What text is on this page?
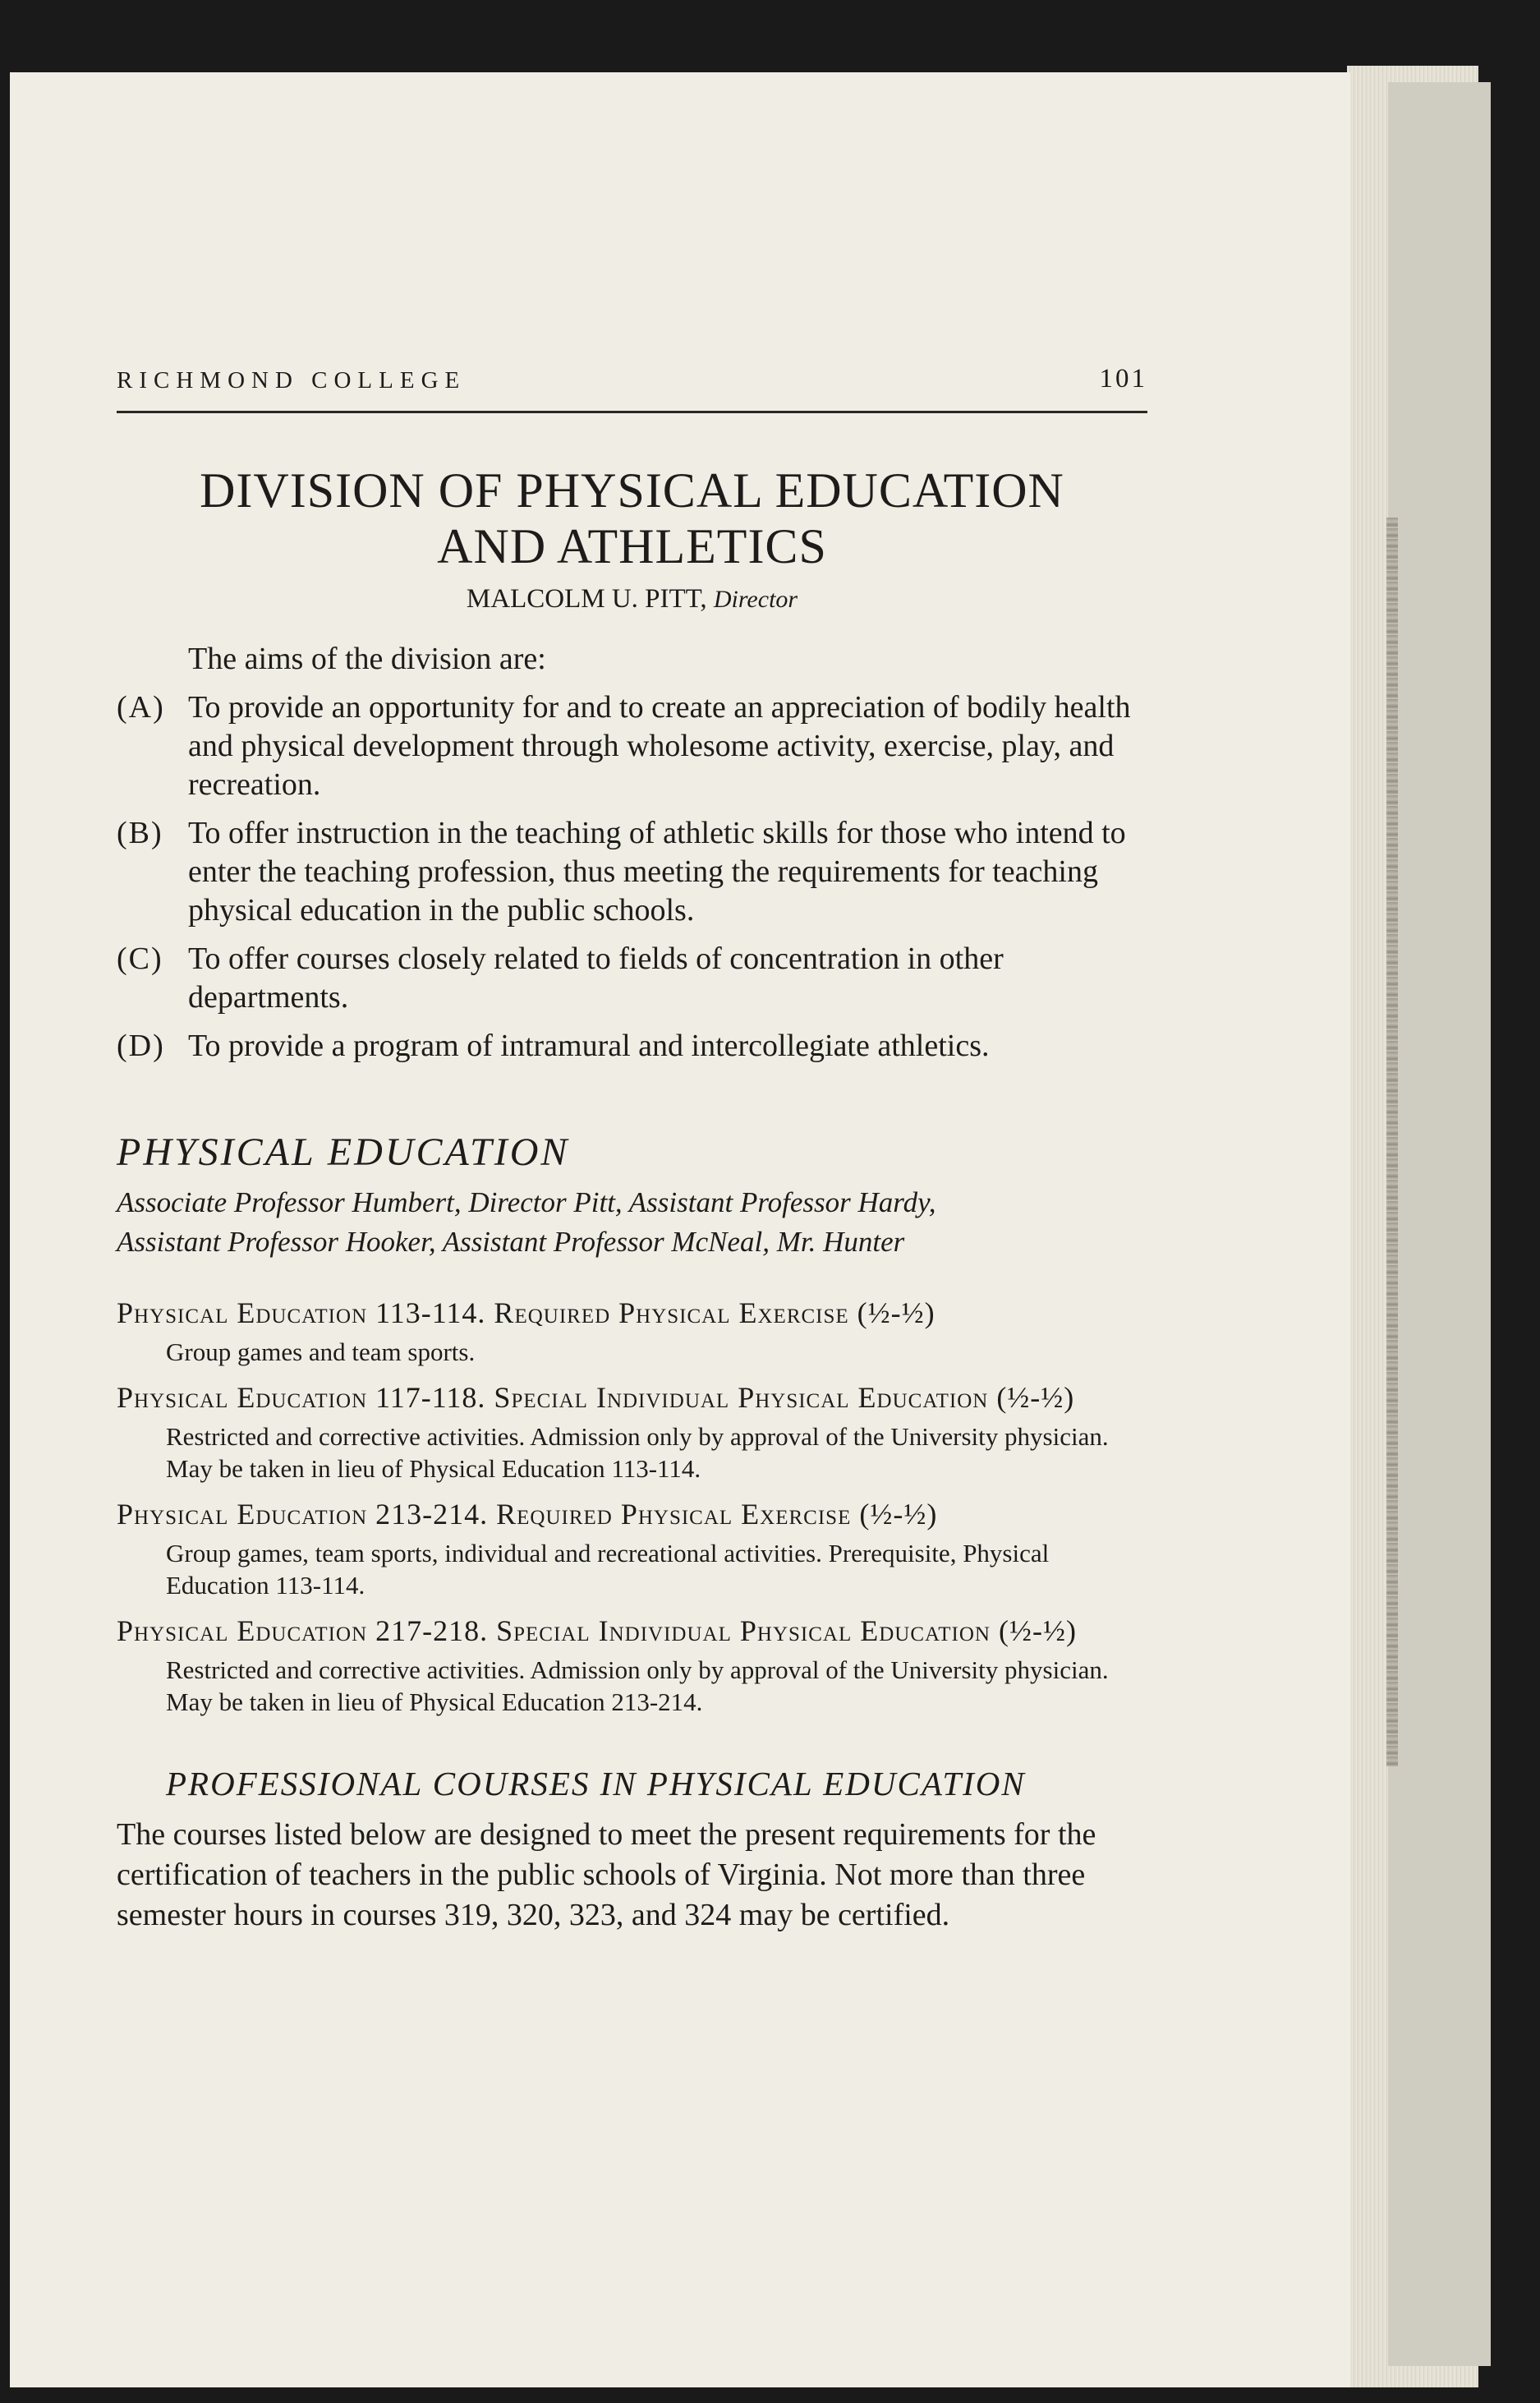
RICHMOND COLLEGE	101
DIVISION OF PHYSICAL EDUCATION
AND ATHLETICS
MALCOLM U. PITT, Director

The aims of the division are:

(A) To provide an opportunity for and to create an appreciation of bodily health and physical development through wholesome activity, exercise, play, and recreation.
(B) To offer instruction in the teaching of athletic skills for those who intend to enter the teaching profession, thus meeting the requirements for teaching physical education in the public schools.
(C) To offer courses closely related to fields of concentration in other departments.
(D) To provide a program of intramural and intercollegiate athletics.
PHYSICAL EDUCATION
Associate Professor Humbert, Director Pitt, Assistant Professor Hardy,
Assistant Professor Hooker, Assistant Professor McNeal, Mr. Hunter
Physical Education 113-114. Required Physical Exercise (½-½)
Group games and team sports.
Physical Education 117-118. Special Individual Physical Education (½-½)
Restricted and corrective activities. Admission only by approval of the University physician. May be taken in lieu of Physical Education 113-114.
Physical Education 213-214. Required Physical Exercise (½-½)
Group games, team sports, individual and recreational activities. Prerequisite, Physical Education 113-114.
Physical Education 217-218. Special Individual Physical Education (½-½)
Restricted and corrective activities. Admission only by approval of the University physician. May be taken in lieu of Physical Education 213-214.
PROFESSIONAL COURSES IN PHYSICAL EDUCATION

The courses listed below are designed to meet the present requirements for the certification of teachers in the public schools of Virginia. Not more than three semester hours in courses 319, 320, 323, and 324 may be certified.
